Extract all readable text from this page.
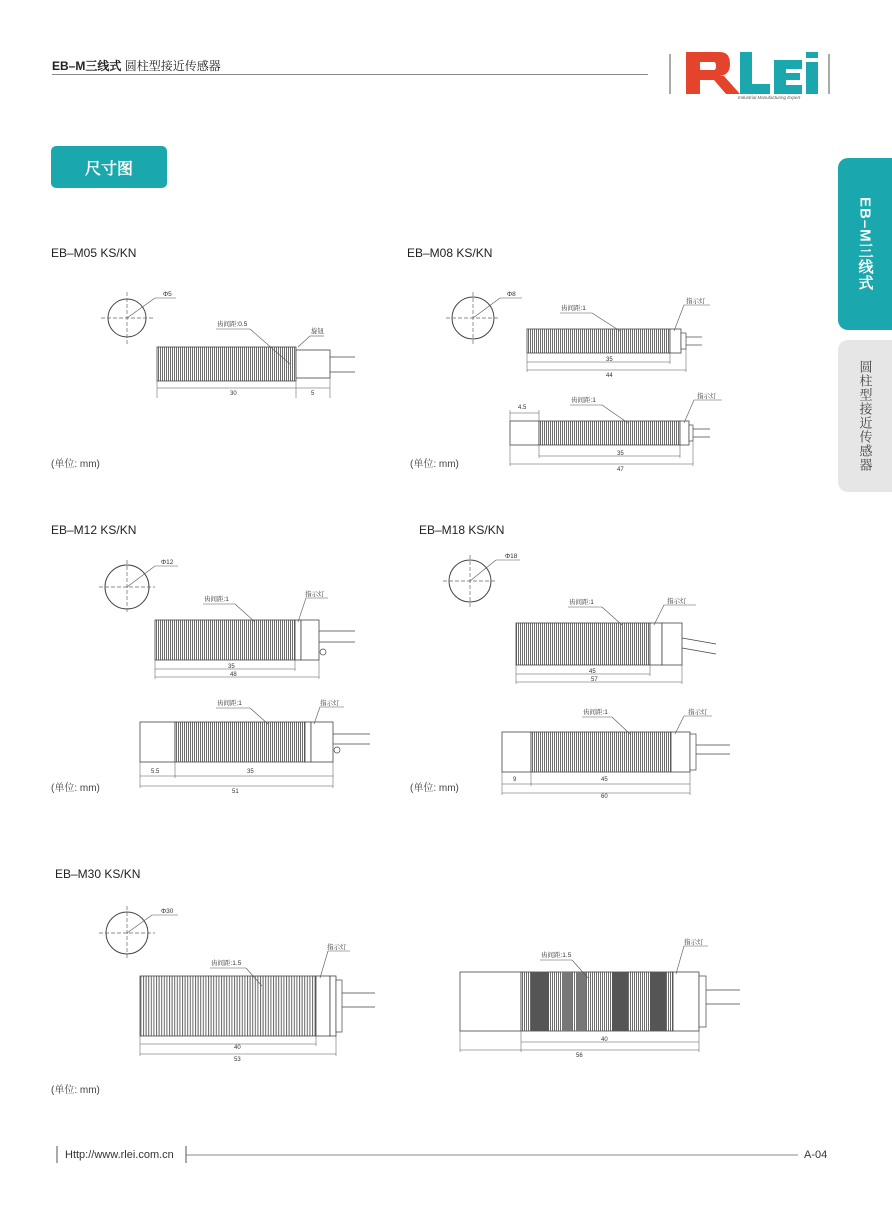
EB–M三线式 圆柱型接近传感器
Industrial Manufacturing Expert
尺寸图
EB–M三线式
圆柱型接近传感器
EB–M05 KS/KN	EB–M08 KS/KN
EB–M12 KS/KN	EB–M18 KS/KN
EB–M30 KS/KN
(单位: mm)	(单位: mm)
(单位: mm)	(单位: mm)
(单位: mm)
Φ5
齿间距:0.5
旋钮
30	5
Φ8
齿间距:1
指示灯
35
44
齿间距:1
指示灯
4.5
35
47
Φ12
齿间距:1
指示灯
35
48
齿间距:1	指示灯
5.5	35
51
Φ18
齿间距:1	指示灯
45
57
齿间距:1	指示灯
9	45
60
Φ30
齿间距:1.5
指示灯
40
53
齿间距:1.5
指示灯
40
56
Http://www.rlei.com.cn	A-04
